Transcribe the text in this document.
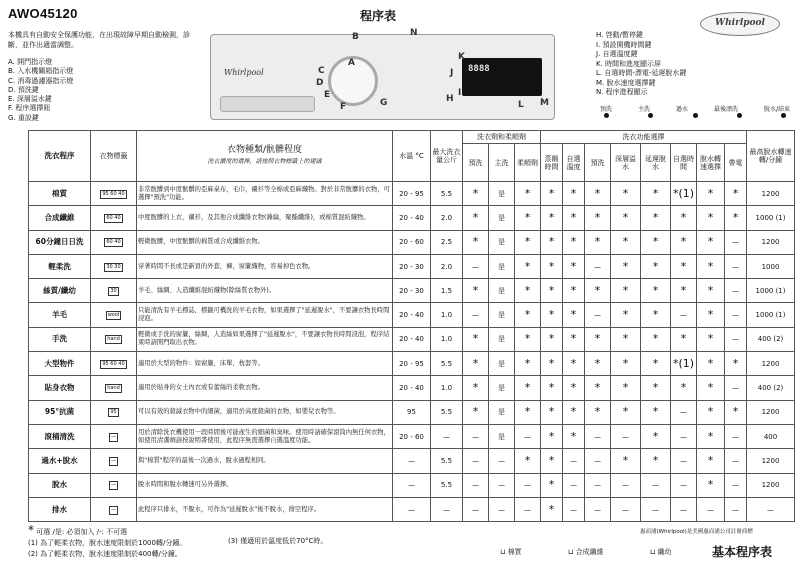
AWO45120	程序表
本機具有自動安全保護功能，在出現故障早期自動檢測，診斷，並作出適當調整。
A. 開門指示燈
B. 入水機關箱指示燈
C. 消毒過濾器指示燈
D. 預洗鍵
E. 深層溢水鍵
F. 程序選擇鈕
G. 重設鍵
H. 啓動/暫停鍵
I. 預設開機時間鍵
J. 自選溫度鍵
K. 時間和進度顯示屏
L. 自選時間-漂電-延遲脫水鍵
M. 脫水速度選擇鍵
N. 程序進程顯示
Whirlpool
8888
Whirlpool
A
B
C
D
E
F	G	H
I
J
K
L M
N
預洗	主洗	過水	最後漂洗	脫水/結束
洗衣程序	衣物標籤	衣物種類/骯髒程度
洗衣濃度的選擇，請按照衣物標籤上的建議	水溫 °C	最大洗衣量公斤	洗衣劑和柔順劑			洗衣功能選擇								最高脫水轉速轉/分鐘
					預洗	主洗	柔順劑	蒸餾時間	自選溫度	預洗	深層溢水	延遲脫水	自選時間	脫水轉速選擇	帶電	
棉質	95 60 40	非常骯髒到中度骯髒的亞麻桌布，毛巾，襯衫等全棉或亞麻織物。對於非常骯髒的衣物，可選擇"預洗"功能。	20 - 95	5.5	*	是	*	*	*	*	*	*	*(1)	*	*	1200
合成纖維	60 40	中度骯髒的上衣，襯衫，及其他合成纖維衣物(滌綸，聚酯纖維)，或棉質混紡織物。	20 - 40	2.0	*	是	*	*	*	*	*	*	*	*	*	1000 (1)
60分鐘日日洗	60 40	輕微骯髒，中度骯髒的棉質或合成纖維衣物。	20 - 60	2.5	*	是	*	*	*	*	*	*	*	*	—	1200
輕柔洗	30 30	穿著時間不長或是新買的外套，褲，窗簾織物，容易掉色衣物。	20 - 30	2.0	—	是	*	*	*	—	*	*	*	*	—	1000
絲質/纖幼	30	羊毛、絲綢、人造纖維混紡織物(除絲質衣物外)。	20 - 30	1.5	*	是	*	*	*	*	*	*	*	*	—	1000 (1)
羊毛	wool	只能清洗有羊毛標誌，標籤可機洗的羊毛衣物，如果選擇了"延遲脫水"，不要讓衣物長時間浸泡。	20 - 40	1.0	—	是	*	*	*	—	*	*	—	*	—	1000 (1)
手洗	hand	輕微或手洗的窗簾，絲綢，人造絲如果選擇了"延遲脫水"，不要讓衣物長時間浸泡，程序結束時請開門取出衣物。	20 - 40	1.0	*	是	*	*	*	*	*	*	*	*	—	400 (2)
大型物件	95 60 40	適用於大型的物件：如窗簾，床單，枕套等。	20 - 95	5.5	*	是	*	*	*	*	*	*	*(1)	*	*	1200
貼身衣物	hand	適用於貼身的女士內衣或有蕾絲的柔軟衣物。	20 - 40	1.0	*	是	*	*	*	*	*	*	*	*	—	400 (2)
95°抗菌	95	可以有效的殺滅衣物中的細菌，適用於高度殺菌的衣物，如嬰兒衣物等。	95	5.5	*	是	*	*	*	*	*	*	—	*	*	1200
滾桶清洗	—	用於清除洗衣機使用一段時間後可能產生的細菌和臭味。使用時請確保滾筒內無任何衣物，如使用清潔劑請按說明書使用，此程序無需選擇自選溫度功能。	20 - 60	—	—	是	—	*	*	—	—	*	—	*	—	400
過水+脫水	—	與"棉質"程序的最後一次過水，脫水過程相同。	—	5.5	—	—	*	*	—	—	*	*	—	*	—	1200
脫水	—	脫水時間和脫水轉速可另外選擇。	—	5.5	—	—	—	*	—	—	—	—	—	*	—	1200
排水	—	此程序只排水，不脫水，可作為"延遲脫水"後不脫水，排空程序。	—	—	—	—	—	*	—	—	—	—	—	—	—	—
* 可選 /是: 必須加入 /-: 不可選
(1) 為了輕柔衣物，脫水速度限制於1000轉/分鐘。
(2) 為了輕柔衣物，脫水速度限制於400轉/分鐘。
(3) 僅適用於溫度低於70°C時。
惠而浦(Whirlpool)是美國惠而浦公司註冊商標
⊔ 棉質	⊔ 合成纖維	⊔ 纖幼	基本程序表
